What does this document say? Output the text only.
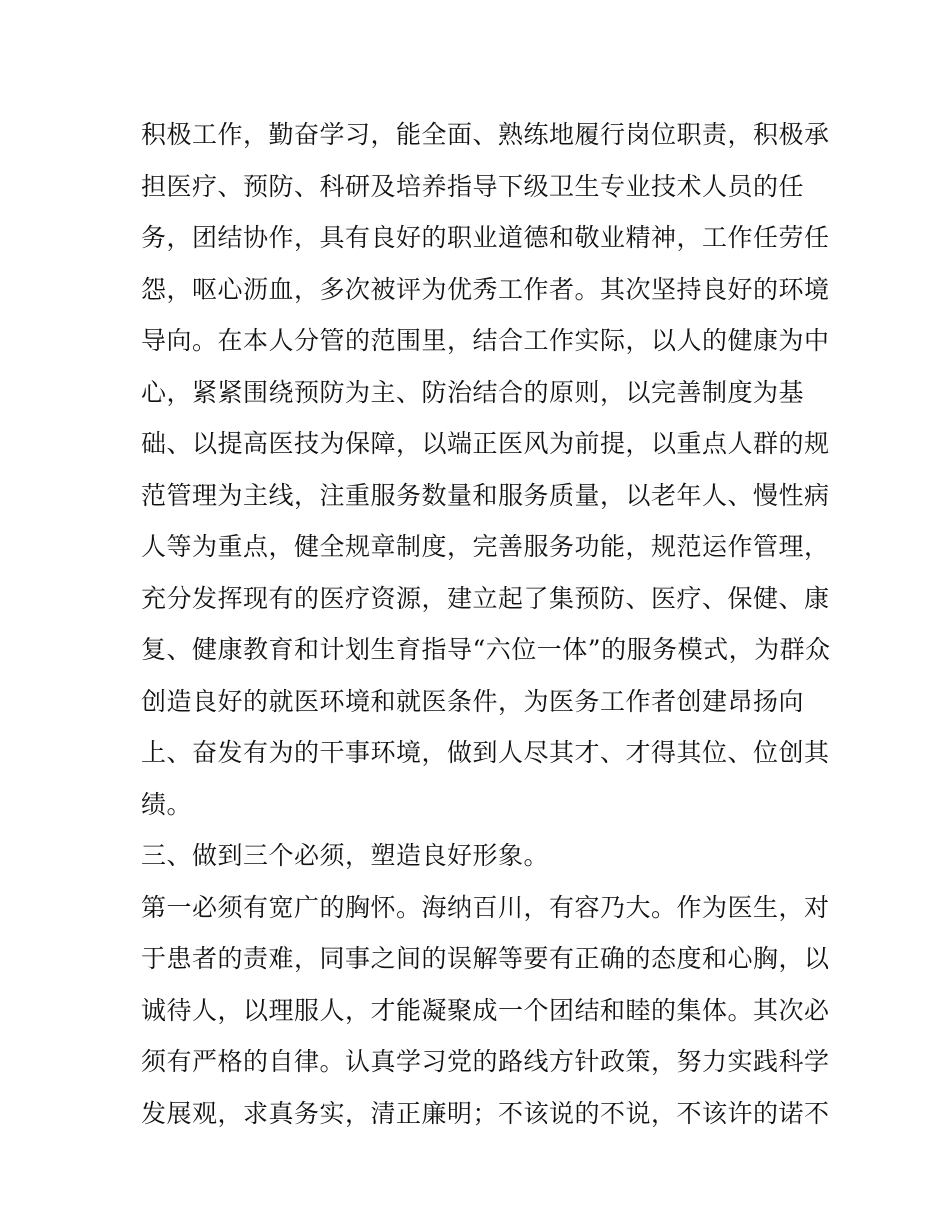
积极工作，勤奋学习，能全面、熟练地履行岗位职责，积极承
担医疗、预防、科研及培养指导下级卫生专业技术人员的任
务，团结协作，具有良好的职业道德和敬业精神，工作任劳任
怨，呕心沥血，多次被评为优秀工作者。其次坚持良好的环境
导向。在本人分管的范围里，结合工作实际，以人的健康为中
心，紧紧围绕预防为主、防治结合的原则，以完善制度为基
础、以提高医技为保障，以端正医风为前提，以重点人群的规
范管理为主线，注重服务数量和服务质量，以老年人、慢性病
人等为重点，健全规章制度，完善服务功能，规范运作管理，
充分发挥现有的医疗资源，建立起了集预防、医疗、保健、康
复、健康教育和计划生育指导“六位一体”的服务模式，为群众
创造良好的就医环境和就医条件，为医务工作者创建昂扬向
上、奋发有为的干事环境，做到人尽其才、才得其位、位创其
绩。
三、做到三个必须，塑造良好形象。
第一必须有宽广的胸怀。海纳百川，有容乃大。作为医生，对
于患者的责难，同事之间的误解等要有正确的态度和心胸，以
诚待人，以理服人，才能凝聚成一个团结和睦的集体。其次必
须有严格的自律。认真学习党的路线方针政策，努力实践科学
发展观，求真务实，清正廉明；不该说的不说，不该许的诺不
